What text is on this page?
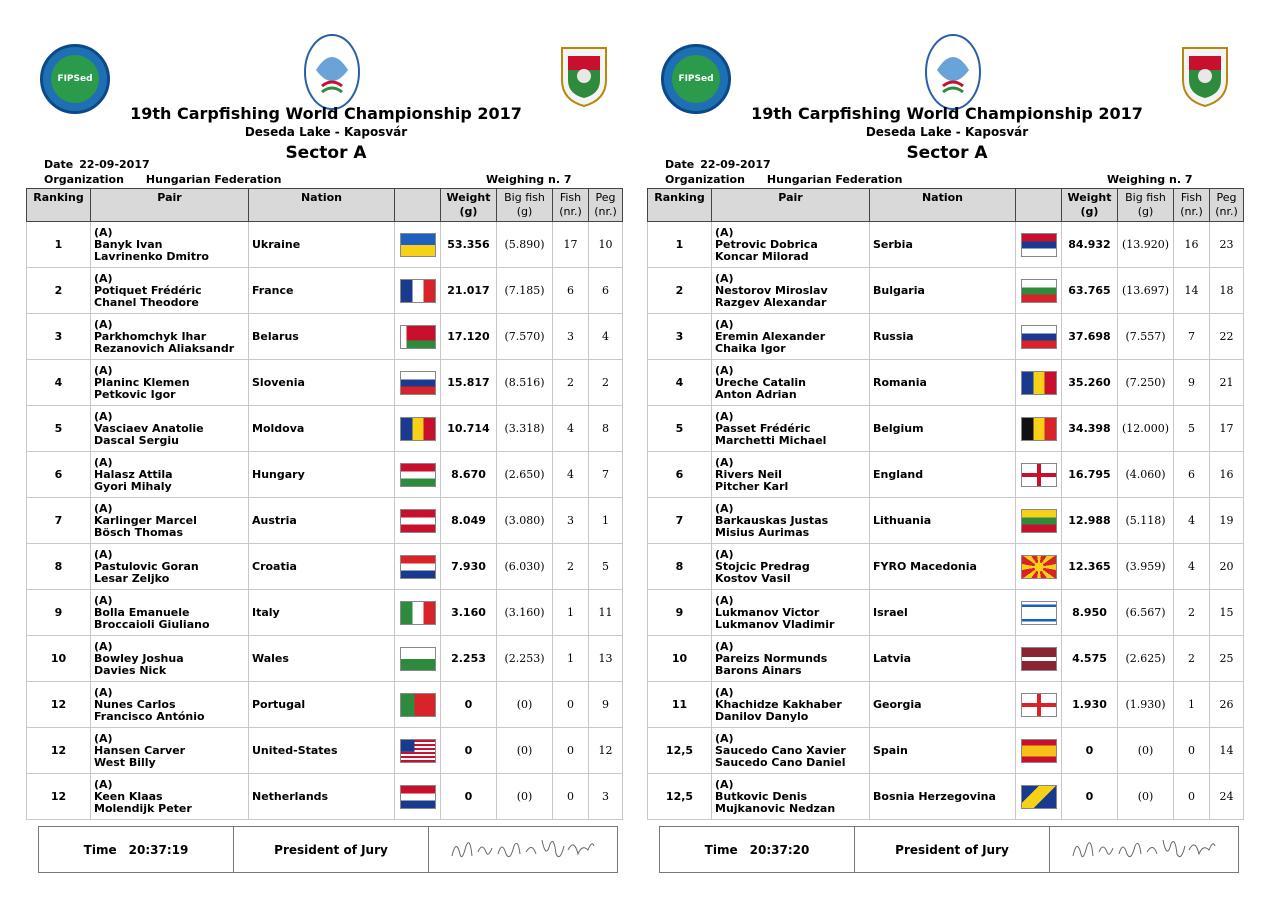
FIPSed
19th Carpfishing World Championship 2017
Deseda Lake - Kaposvár
Sector A
Date 22-09-2017
Organization Hungarian Federation	Weighing n. 7
Ranking	Pair	Nation		Weight (g)	Big fish (g)	Fish (nr.)	Peg (nr.)
1	(A)
Banyk Ivan
Lavrinenko Dmitro	Ukraine		53.356	(5.890)	17	10
2	(A)
Potiquet Frédéric
Chanel Theodore	France		21.017	(7.185)	6	6
3	(A)
Parkhomchyk Ihar
Rezanovich Aliaksandr	Belarus		17.120	(7.570)	3	4
4	(A)
Planinc Klemen
Petkovic Igor	Slovenia		15.817	(8.516)	2	2
5	(A)
Vasciaev Anatolie
Dascal Sergiu	Moldova		10.714	(3.318)	4	8
6	(A)
Halasz Attila
Gyori Mihaly	Hungary		8.670	(2.650)	4	7
7	(A)
Karlinger Marcel
Bösch Thomas	Austria		8.049	(3.080)	3	1
8	(A)
Pastulovic Goran
Lesar Zeljko	Croatia		7.930	(6.030)	2	5
9	(A)
Bolla Emanuele
Broccaioli Giuliano	Italy		3.160	(3.160)	1	11
10	(A)
Bowley Joshua
Davies Nick	Wales		2.253	(2.253)	1	13
12	(A)
Nunes Carlos
Francisco António	Portugal		0	(0)	0	9
12	(A)
Hansen Carver
West Billy	United-States		0	(0)	0	12
12	(A)
Keen Klaas
Molendijk Peter	Netherlands		0	(0)	0	3
Time 20:37:19	President of Jury
FIPSed
19th Carpfishing World Championship 2017
Deseda Lake - Kaposvár
Sector A
Date 22-09-2017
Organization Hungarian Federation	Weighing n. 7
Ranking	Pair	Nation		Weight (g)	Big fish (g)	Fish (nr.)	Peg (nr.)
1	(A)
Petrovic Dobrica
Koncar Milorad	Serbia		84.932	(13.920)	16	23
2	(A)
Nestorov Miroslav
Razgev Alexandar	Bulgaria		63.765	(13.697)	14	18
3	(A)
Eremin Alexander
Chaika Igor	Russia		37.698	(7.557)	7	22
4	(A)
Ureche Catalin
Anton Adrian	Romania		35.260	(7.250)	9	21
5	(A)
Passet Frédéric
Marchetti Michael	Belgium		34.398	(12.000)	5	17
6	(A)
Rivers Neil
Pitcher Karl	England		16.795	(4.060)	6	16
7	(A)
Barkauskas Justas
Misius Aurimas	Lithuania		12.988	(5.118)	4	19
8	(A)
Stojcic Predrag
Kostov Vasil	FYRO Macedonia		12.365	(3.959)	4	20
9	(A)
Lukmanov Victor
Lukmanov Vladimir	Israel		8.950	(6.567)	2	15
10	(A)
Pareizs Normunds
Barons Ainars	Latvia		4.575	(2.625)	2	25
11	(A)
Khachidze Kakhaber
Danilov Danylo	Georgia		1.930	(1.930)	1	26
12,5	(A)
Saucedo Cano Xavier
Saucedo Cano Daniel	Spain		0	(0)	0	14
12,5	(A)
Butkovic Denis
Mujkanovic Nedzan	Bosnia Herzegovina		0	(0)	0	24
Time 20:37:20	President of Jury
